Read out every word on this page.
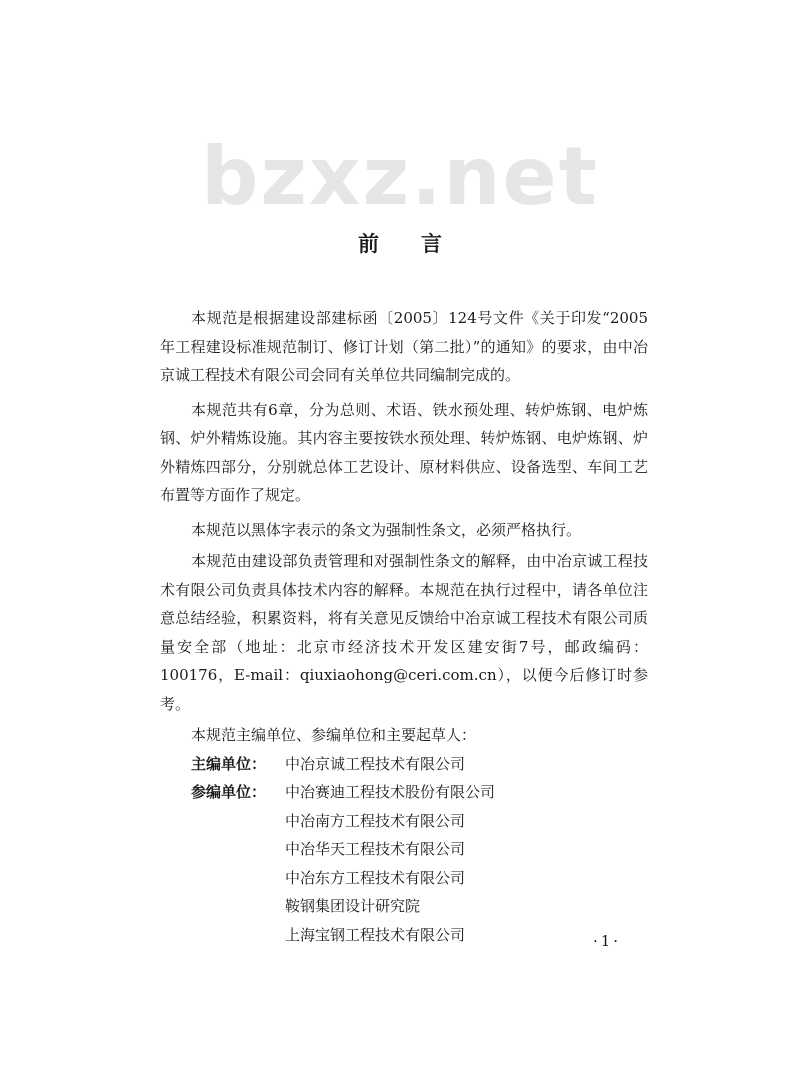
bzxz.net
前言

本规范是根据建设部建标函〔2005〕124号文件《关于印发“2005年工程建设标准规范制订、修订计划（第二批）”的通知》的要求，由中冶京诚工程技术有限公司会同有关单位共同编制完成的。

本规范共有6章，分为总则、术语、铁水预处理、转炉炼钢、电炉炼钢、炉外精炼设施。其内容主要按铁水预处理、转炉炼钢、电炉炼钢、炉外精炼四部分，分别就总体工艺设计、原材料供应、设备选型、车间工艺布置等方面作了规定。

本规范以黑体字表示的条文为强制性条文，必须严格执行。

本规范由建设部负责管理和对强制性条文的解释，由中冶京诚工程技术有限公司负责具体技术内容的解释。本规范在执行过程中，请各单位注意总结经验，积累资料，将有关意见反馈给中冶京诚工程技术有限公司质量安全部（地址：北京市经济技术开发区建安街7号，邮政编码：100176，E-mail：qiuxiaohong@ceri.com.cn），以便今后修订时参考。

本规范主编单位、参编单位和主要起草人：

主编单位：	中冶京诚工程技术有限公司
参编单位：	中冶赛迪工程技术股份有限公司
中冶南方工程技术有限公司
中冶华天工程技术有限公司
中冶东方工程技术有限公司
鞍钢集团设计研究院
上海宝钢工程技术有限公司	·1·
